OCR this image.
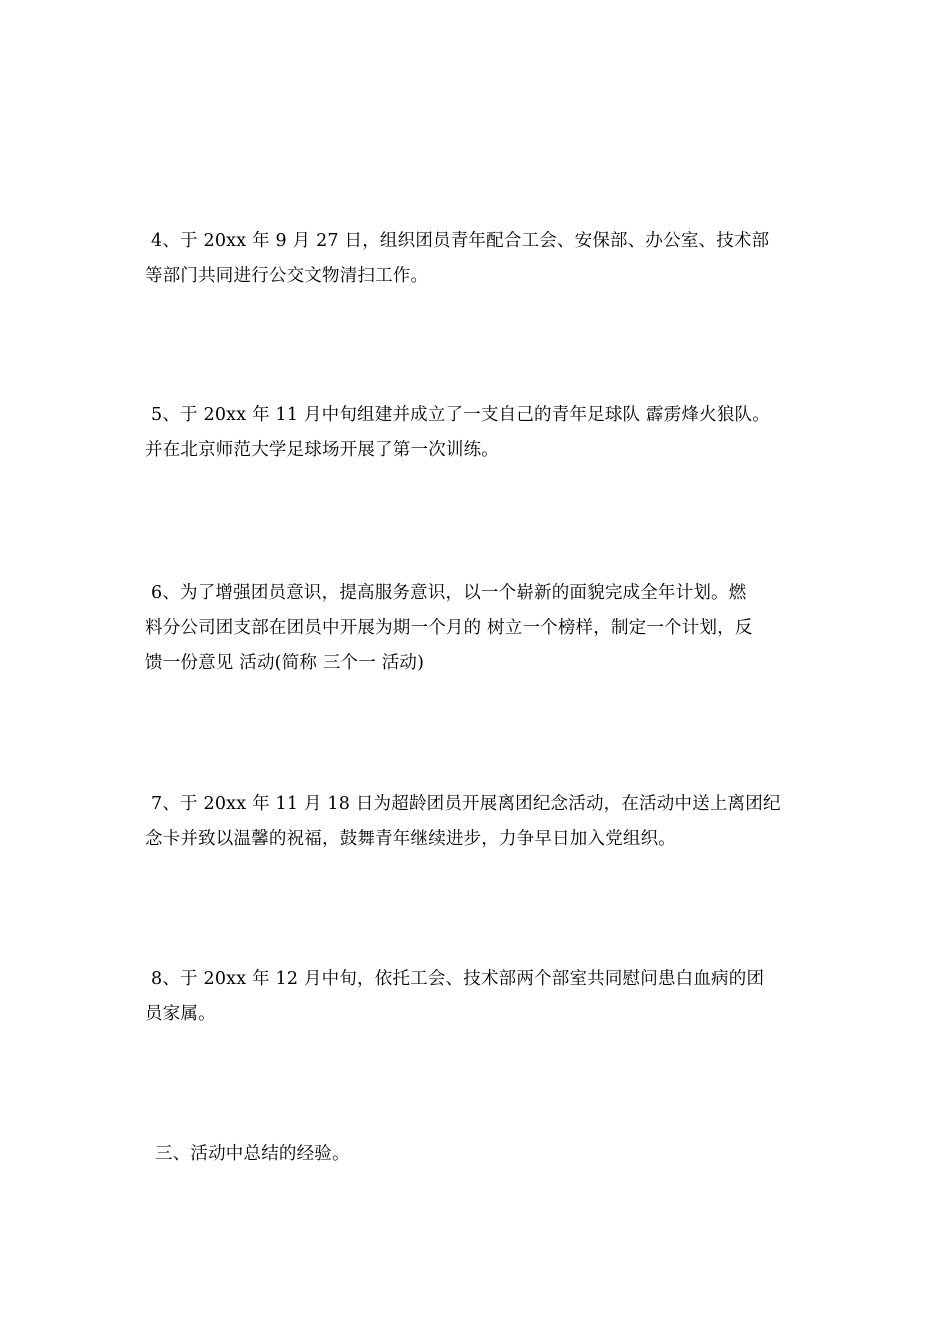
4、于 20xx 年 9 月 27 日，组织团员青年配合工会、安保部、办公室、技术部
等部门共同进行公交文物清扫工作。
5、于 20xx 年 11 月中旬组建并成立了一支自己的青年足球队 霹雳烽火狼队。
并在北京师范大学足球场开展了第一次训练。
6、为了增强团员意识，提高服务意识，以一个崭新的面貌完成全年计划。燃
料分公司团支部在团员中开展为期一个月的 树立一个榜样，制定一个计划，反
馈一份意见 活动(简称 三个一 活动)
7、于 20xx 年 11 月 18 日为超龄团员开展离团纪念活动，在活动中送上离团纪
念卡并致以温馨的祝福，鼓舞青年继续进步，力争早日加入党组织。
8、于 20xx 年 12 月中旬，依托工会、技术部两个部室共同慰问患白血病的团
员家属。
三、活动中总结的经验。
